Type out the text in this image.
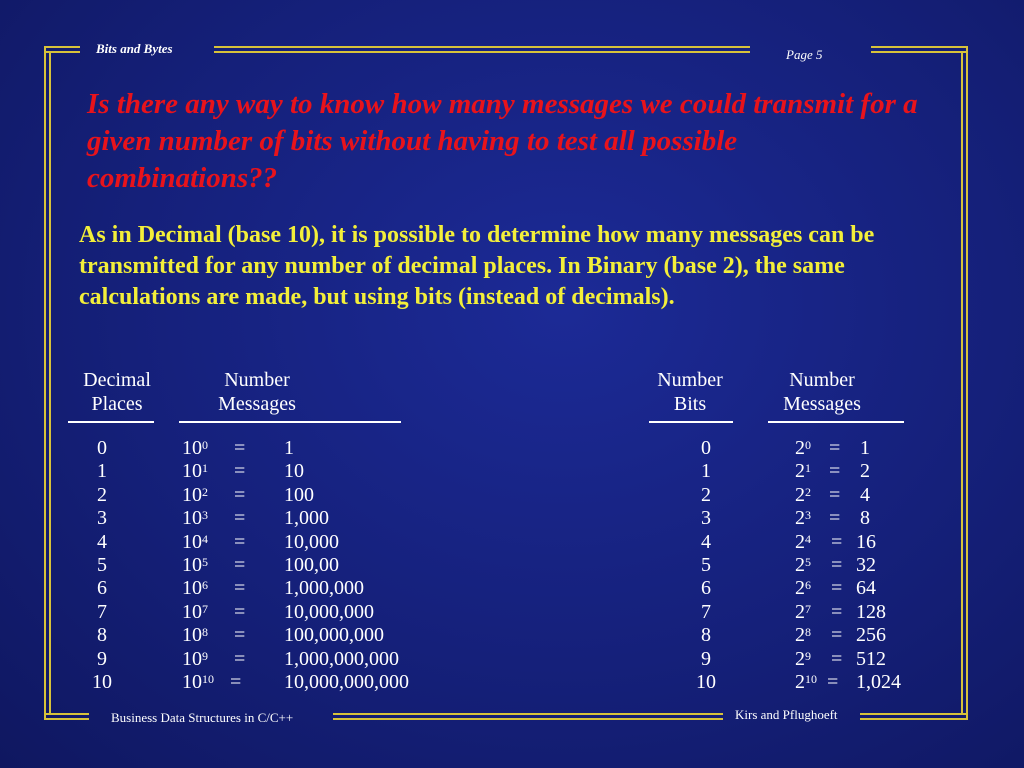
Bits and Bytes	Page 5
Business Data Structures in C/C++	Kirs and Pflughoeft
Is there any way to know how many messages we could transmit for a given number of bits without having to test all possible combinations??
As in Decimal (base 10), it is possible to determine how many messages can be transmitted for any number of decimal places. In Binary (base 2), the same calculations are made, but using bits (instead of decimals).
Decimal
Places
Number
Messages
Number
Bits
Number
Messages
0	$10^0 = 1$
1	$10^1 = 10$
2	$10^2 = 100$
3	$10^3 = 1,000$
4	$10^4 = 10,000$
5	$10^5 = 100,00$
6	$10^6 = 1,000,000$
7	$10^7 = 10,000,000$
8	$10^8 = 100,000,000$
9	$10^9 = 1,000,000,000$
10	$10^{10} = 10,000,000,000$
0	$2^0 = 1$
1	$2^1 = 2$
2	$2^2 = 4$
3	$2^3 = 8$
4	$2^4 = 16$
5	$2^5 = 32$
6	$2^6 = 64$
7	$2^7 = 128$
8	$2^8 = 256$
9	$2^9 = 512$
10	$2^{10} = 1,024$
